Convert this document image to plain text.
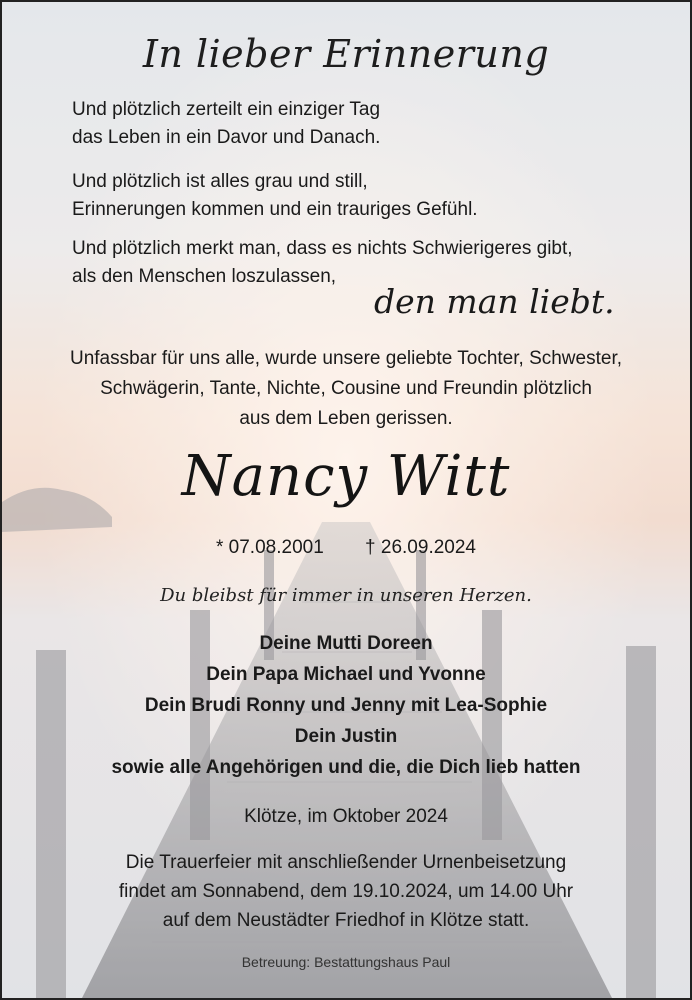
In lieber Erinnerung

Und plötzlich zerteilt ein einziger Tag

das Leben in ein Davor und Danach.

Und plötzlich ist alles grau und still,

Erinnerungen kommen und ein trauriges Gefühl.

Und plötzlich merkt man, dass es nichts Schwierigeres gibt,

als den Menschen loszulassen,

den man liebt.

Unfassbar für uns alle, wurde unsere geliebte Tochter, Schwester,

Schwägerin, Tante, Nichte, Cousine und Freundin plötzlich

aus dem Leben gerissen.

Nancy Witt
* 07.08.2001 † 26.09.2024
Du bleibst für immer in unseren Herzen.

Deine Mutti Doreen

Dein Papa Michael und Yvonne

Dein Brudi Ronny und Jenny mit Lea-Sophie

Dein Justin

sowie alle Angehörigen und die, die Dich lieb hatten

Klötze, im Oktober 2024

Die Trauerfeier mit anschließender Urnenbeisetzung

findet am Sonnabend, dem 19.10.2024, um 14.00 Uhr

auf dem Neustädter Friedhof in Klötze statt.

Betreuung: Bestattungshaus Paul
